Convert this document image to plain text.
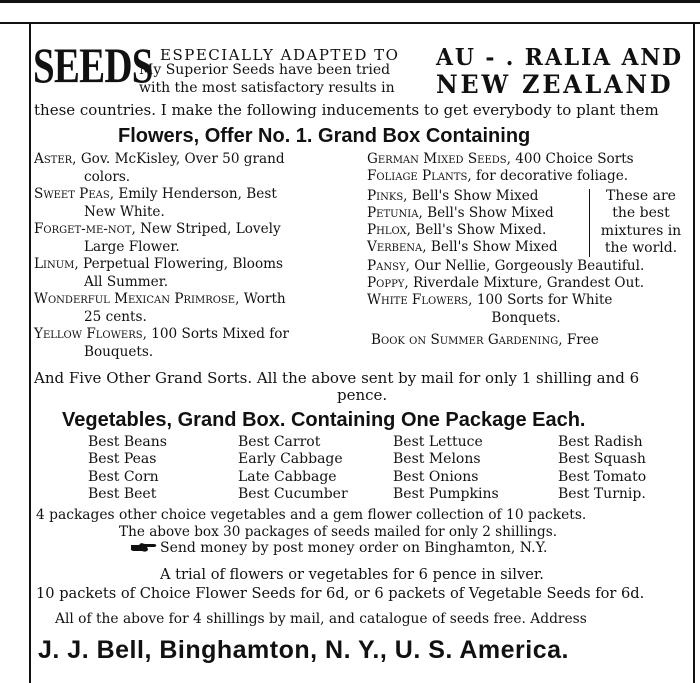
SEEDS ESPECIALLY ADAPTED TO
My Superior Seeds have been tried
with the most satisfactory results in
AU - . RALIA AND
NEW ZEALAND
these countries. I make the following inducements to get everybody to plant them
Flowers, Offer No. 1. Grand Box Containing
Aster, Gov. McKisley, Over 50 grand
colors.
Sweet Peas, Emily Henderson, Best
New White.
Forget-me-not, New Striped, Lovely
Large Flower.
Linum, Perpetual Flowering, Blooms
All Summer.
Wonderful Mexican Primrose, Worth
25 cents.
Yellow Flowers, 100 Sorts Mixed for
Bouquets.
German Mixed Seeds, 400 Choice Sorts
Foliage Plants, for decorative foliage.
Pinks, Bell's Show Mixed
Petunia, Bell's Show Mixed
Phlox, Bell's Show Mixed.
Verbena, Bell's Show Mixed
These are
the best
mixtures in
the world.
Pansy, Our Nellie, Gorgeously Beautiful.
Poppy, Riverdale Mixture, Grandest Out.
White Flowers, 100 Sorts for White
Bonquets.
Book on Summer Gardening, Free
And Five Other Grand Sorts. All the above sent by mail for only 1 shilling and 6
pence.
Vegetables, Grand Box. Containing One Package Each.
Best Beans
Best Peas
Best Corn
Best Beet
Best Carrot
Early Cabbage
Late Cabbage
Best Cucumber
Best Lettuce
Best Melons
Best Onions
Best Pumpkins
Best Radish
Best Squash
Best Tomato
Best Turnip.
4 packages other choice vegetables and a gem flower collection of 10 packets.
The above box 30 packages of seeds mailed for only 2 shillings.
Send money by post money order on Binghamton, N.Y.
A trial of flowers or vegetables for 6 pence in silver.
10 packets of Choice Flower Seeds for 6d, or 6 packets of Vegetable Seeds for 6d.
All of the above for 4 shillings by mail, and catalogue of seeds free. Address
J. J. Bell, Binghamton, N. Y., U. S. America.
